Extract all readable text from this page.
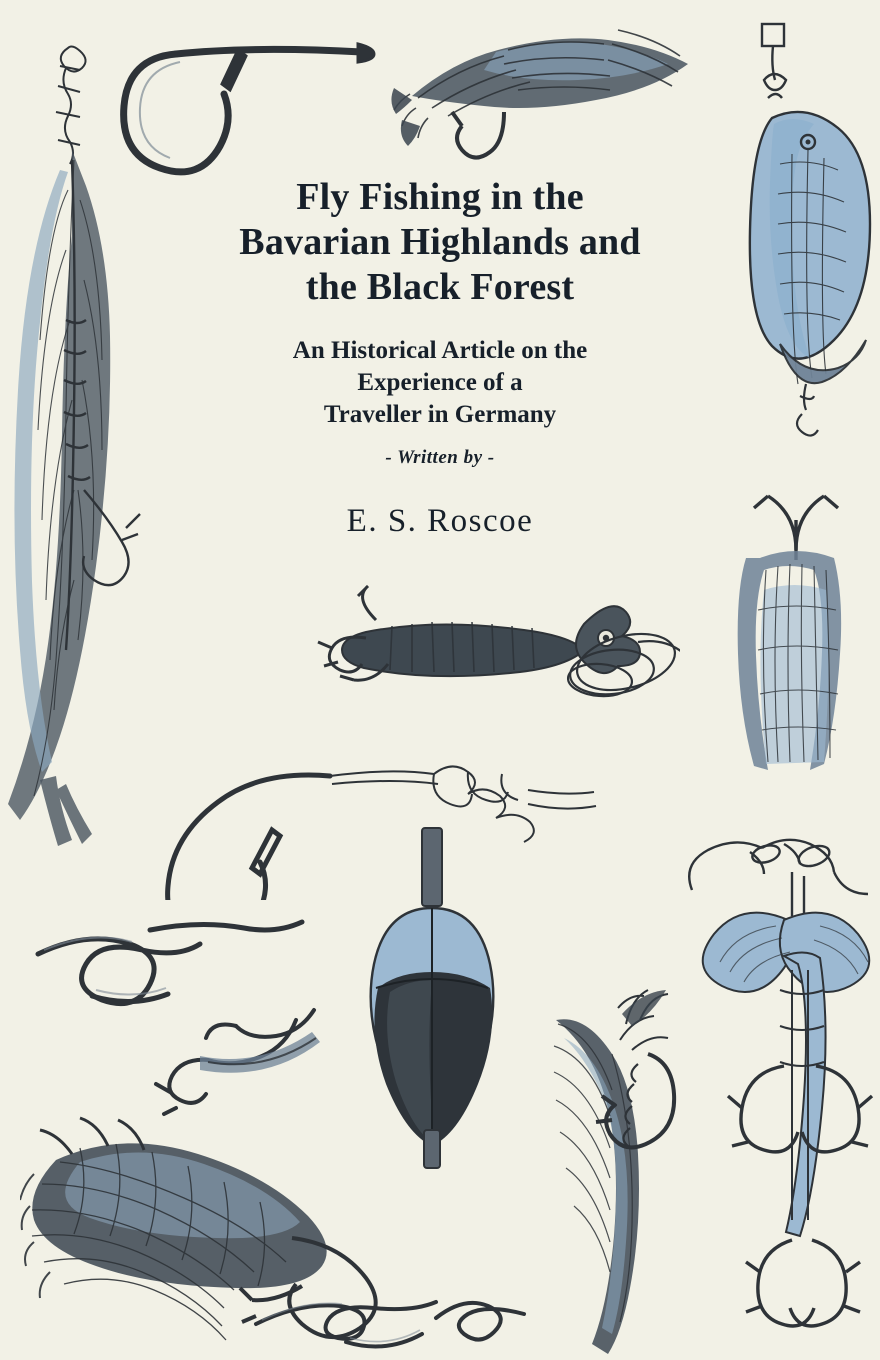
Fly Fishing in the
Bavarian Highlands and
the Black Forest
An Historical Article on the
Experience of a
Traveller in Germany
- Written by -
E. S. Roscoe
